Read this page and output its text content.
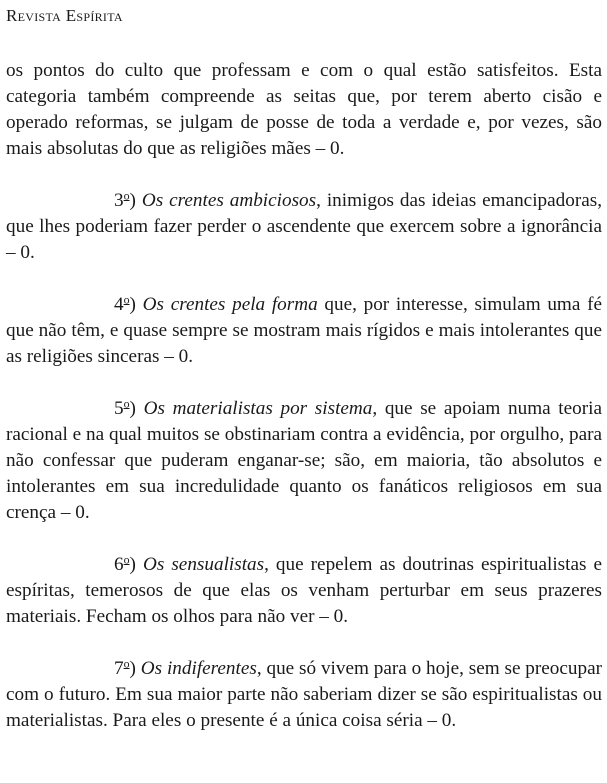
Revista Espírita

os pontos do culto que professam e com o qual estão satisfeitos. Esta categoria também compreende as seitas que, por terem aberto cisão e operado reformas, se julgam de posse de toda a verdade e, por vezes, são mais absolutas do que as religiões mães – 0.

3$^o$) Os crentes ambiciosos, inimigos das ideias emancipadoras, que lhes poderiam fazer perder o ascendente que exercem sobre a ignorância – 0.

4$^o$) Os crentes pela forma que, por interesse, simulam uma fé que não têm, e quase sempre se mostram mais rígidos e mais intolerantes que as religiões sinceras – 0.

5$^o$) Os materialistas por sistema, que se apoiam numa teoria racional e na qual muitos se obstinariam contra a evidência, por orgulho, para não confessar que puderam enganar-se; são, em maioria, tão absolutos e intolerantes em sua incredulidade quanto os fanáticos religiosos em sua crença – 0.

6$^o$) Os sensualistas, que repelem as doutrinas espiritualistas e espíritas, temerosos de que elas os venham perturbar em seus prazeres materiais. Fecham os olhos para não ver – 0.

7$^o$) Os indiferentes, que só vivem para o hoje, sem se preocupar com o futuro. Em sua maior parte não saberiam dizer se são espiritualistas ou materialistas. Para eles o presente é a única coisa séria – 0.
